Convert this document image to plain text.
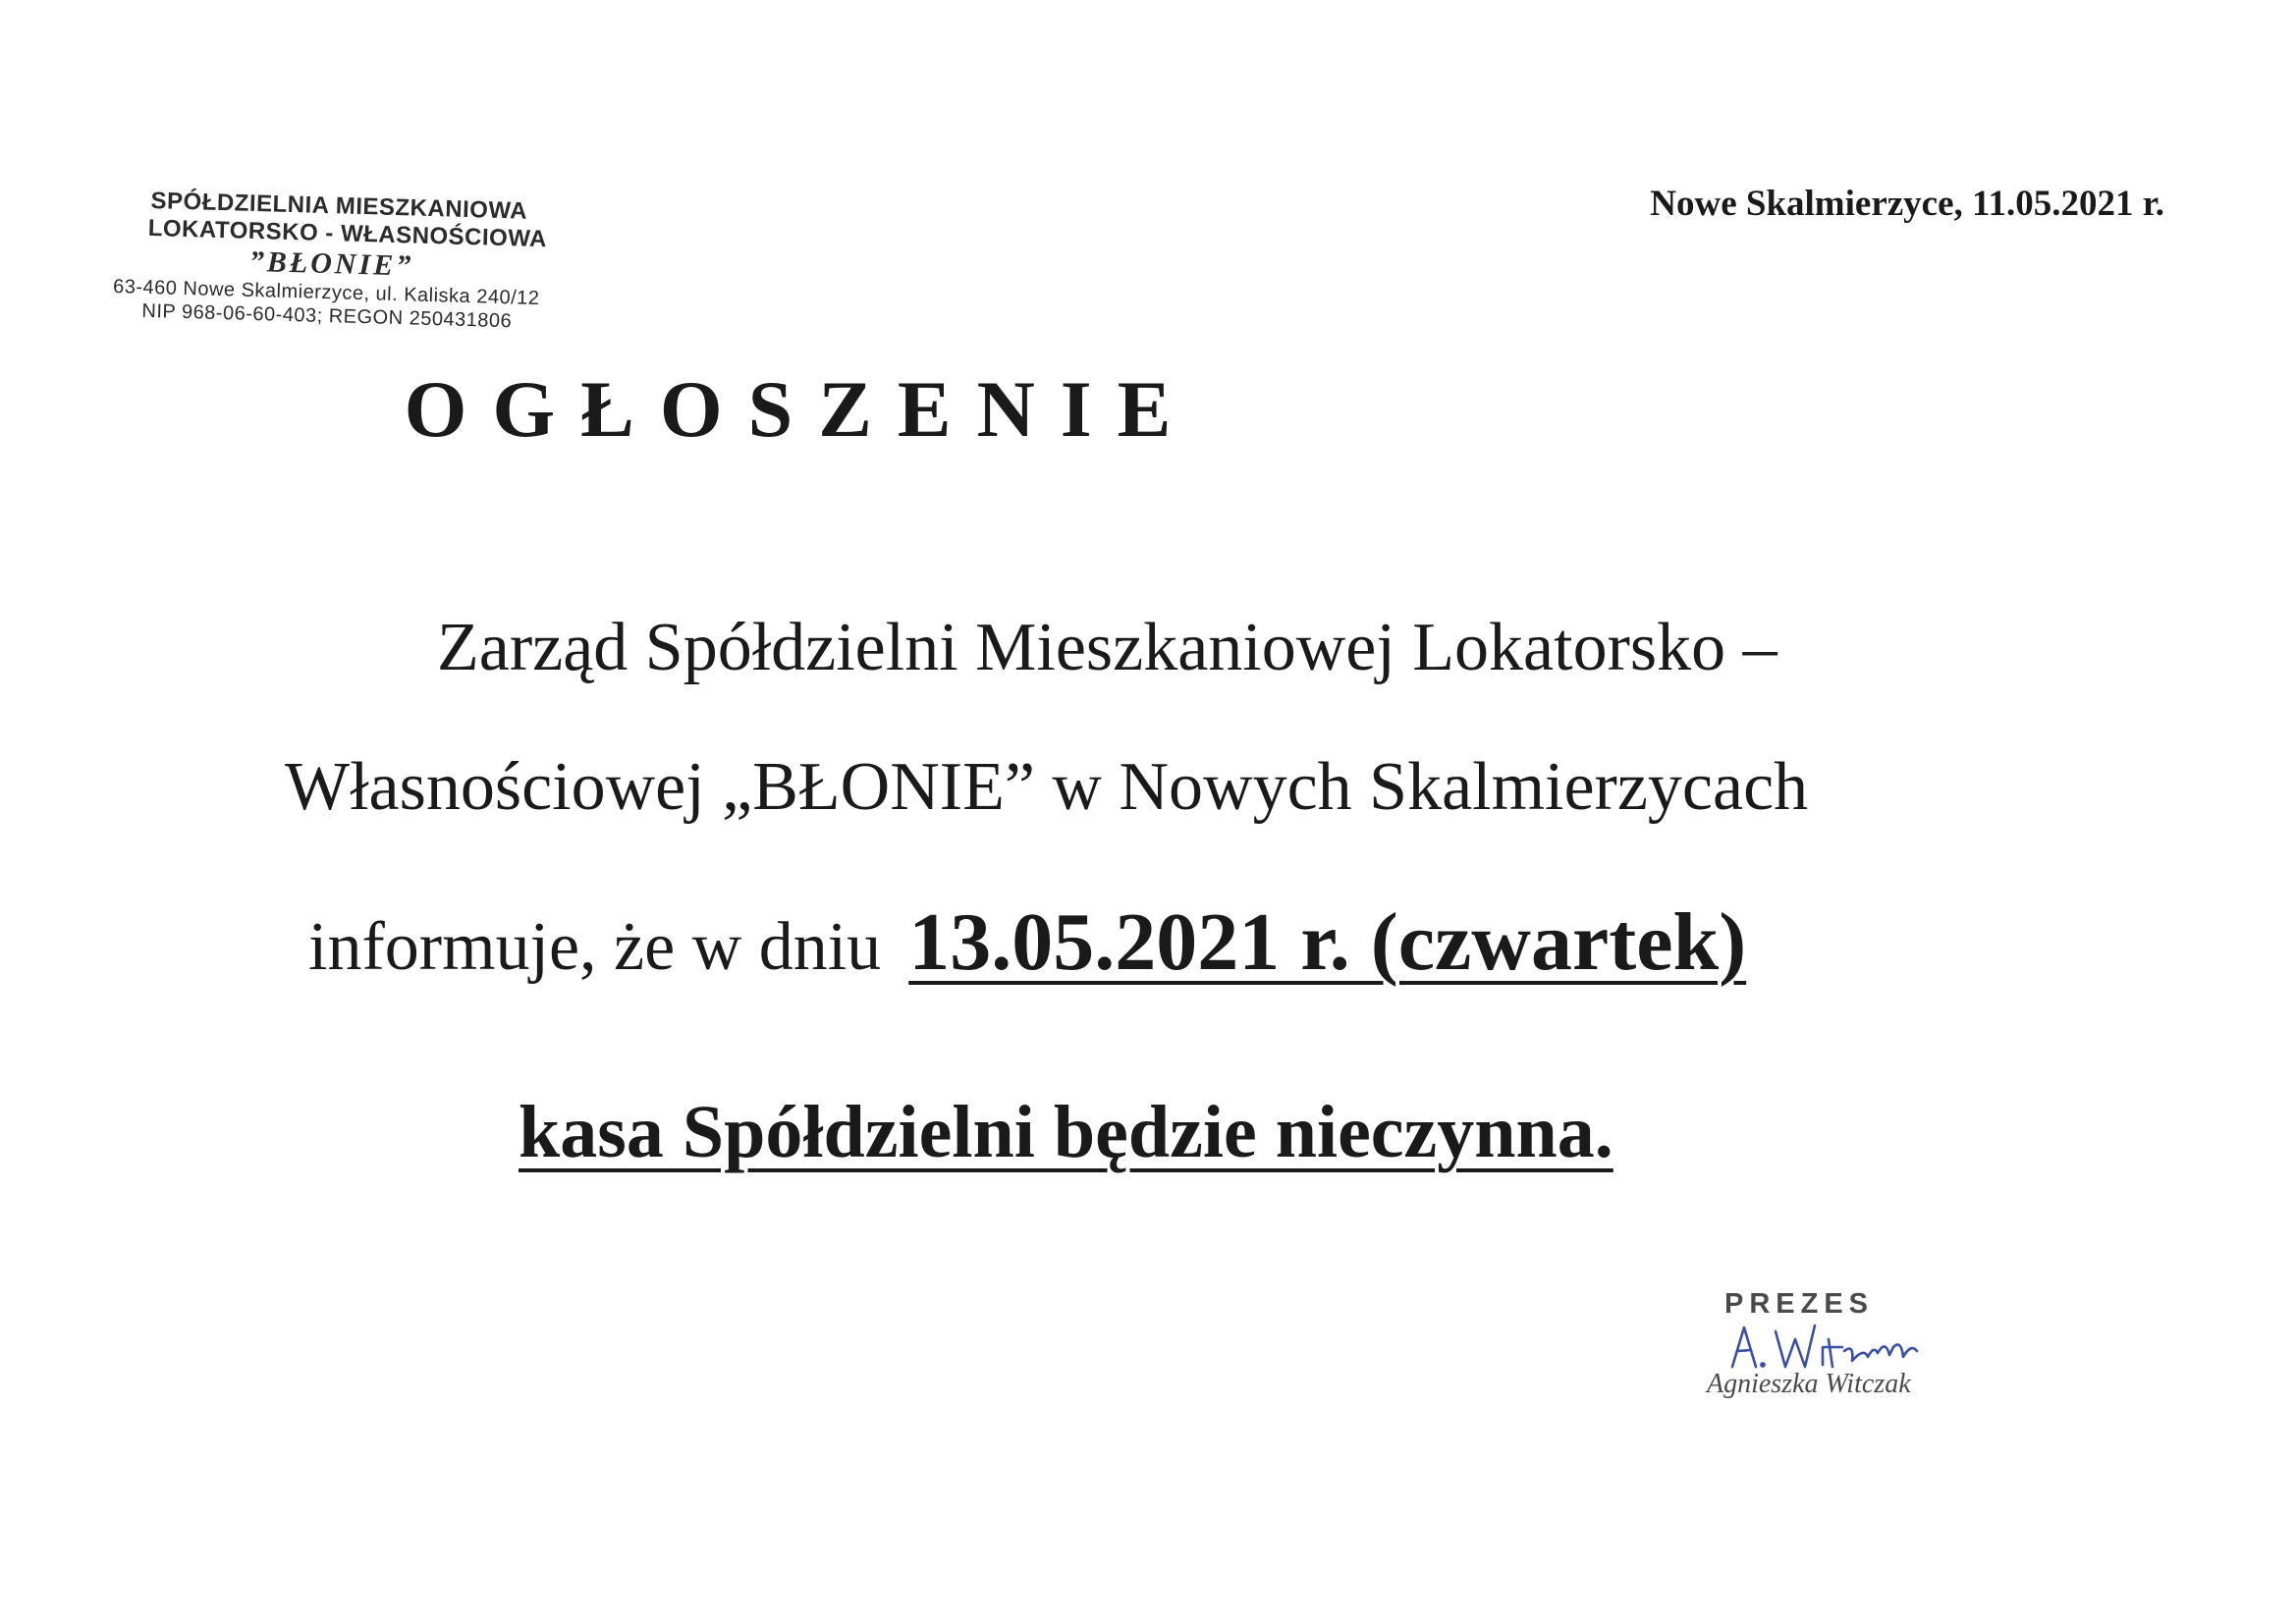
SPÓŁDZIELNIA MIESZKANIOWA
LOKATORSKO - WŁASNOŚCIOWA
”BŁONIE”
63-460 Nowe Skalmierzyce, ul. Kaliska 240/12
NIP 968-06-60-403; REGON 250431806
Nowe Skalmierzyce, 11.05.2021 r.
OGŁOSZENIE
Zarząd Spółdzielni Mieszkaniowej Lokatorsko –
Własnościowej „BŁONIE” w Nowych Skalmierzycach
informuje, że w dniu 13.05.2021 r. (czwartek)
kasa Spółdzielni będzie nieczynna.
PREZES
Agnieszka Witczak
